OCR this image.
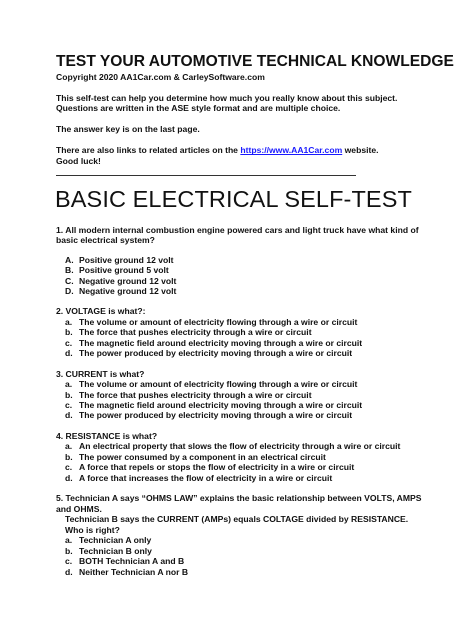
TEST YOUR AUTOMOTIVE TECHNICAL KNOWLEDGE

Copyright 2020 AA1Car.com & CarleySoftware.com

This self-test can help you determine how much you really know about this subject.

Questions are written in the ASE style format and are multiple choice.

The answer key is on the last page.

There are also links to related articles on the https://www.AA1Car.com website.

Good luck!

BASIC ELECTRICAL SELF-TEST

1. All modern internal combustion engine powered cars and light truck have what kind of

basic electrical system?

A. Positive ground 12 volt
B. Positive ground 5 volt
C. Negative ground 12 volt
D. Negative ground 12 volt

2. VOLTAGE is what?:

a. The volume or amount of electricity flowing through a wire or circuit
b. The force that pushes electricity through a wire or circuit
c. The magnetic field around electricity moving through a wire or circuit
d. The power produced by electricity moving through a wire or circuit

3. CURRENT is what?

a. The volume or amount of electricity flowing through a wire or circuit
b. The force that pushes electricity through a wire or circuit
c. The magnetic field around electricity moving through a wire or circuit
d. The power produced by electricity moving through a wire or circuit

4. RESISTANCE is what?

a. An electrical property that slows the flow of electricity through a wire or circuit
b. The power consumed by a component in an electrical circuit
c. A force that repels or stops the flow of electricity in a wire or circuit
d. A force that increases the flow of electricity in a wire or circuit

5. Technician A says “OHMS LAW” explains the basic relationship between VOLTS, AMPS

and OHMS.

Technician B says the CURRENT (AMPs) equals COLTAGE divided by RESISTANCE.

Who is right?

a. Technician A only
b. Technician B only
c. BOTH Technician A and B
d. Neither Technician A nor B
